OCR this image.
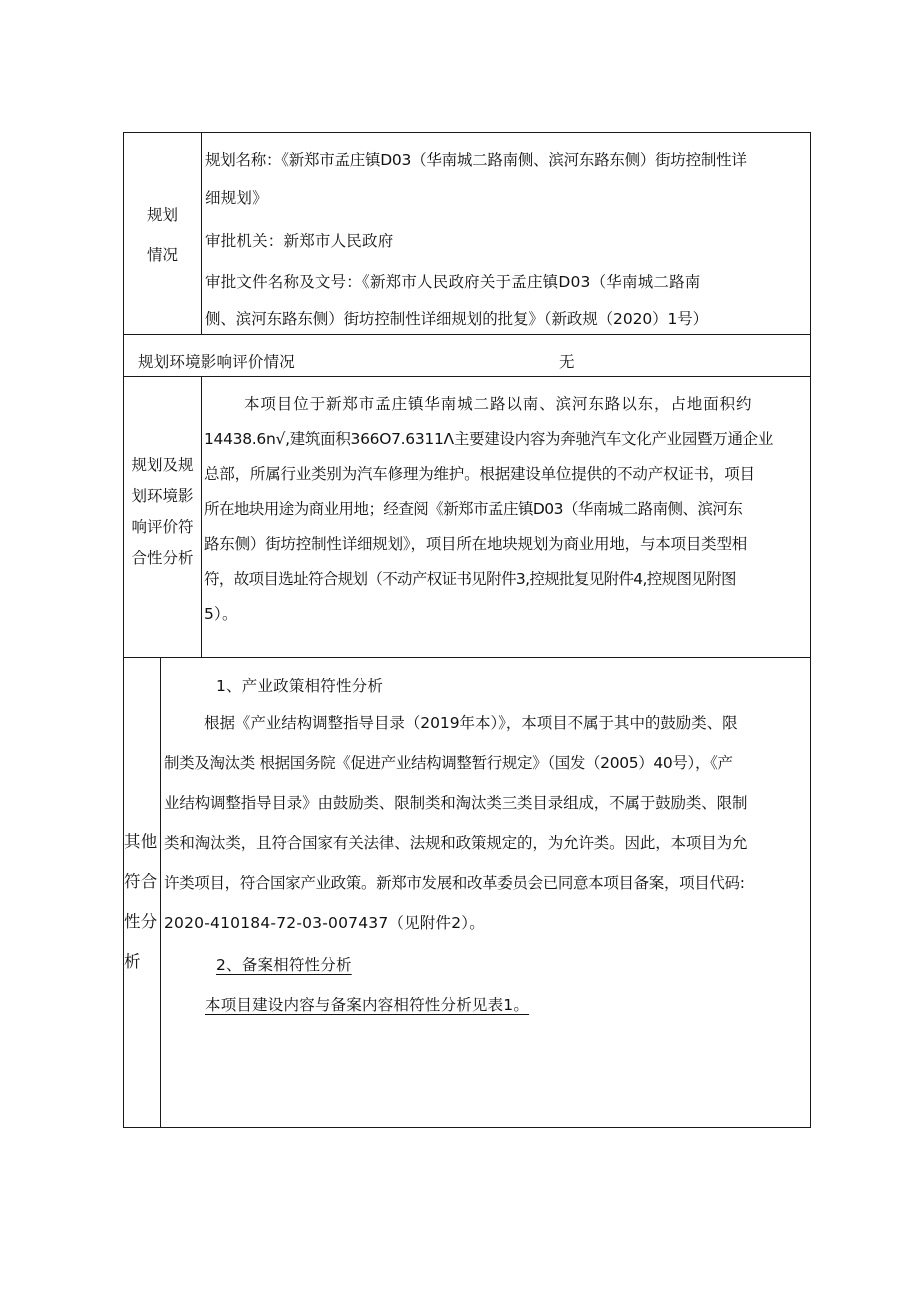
规划
情况
规划名称：《新郑市孟庄镇D03（华南城二路南侧、滨河东路东侧）街坊控制性详
细规划》
审批机关：新郑市人民政府
审批文件名称及文号：《新郑市人民政府关于孟庄镇D03（华南城二路南
侧、滨河东路东侧）街坊控制性详细规划的批复》（新政规（2020）1号）
规划环境影响评价情况	无
规划及规
划环境影
响评价符
合性分析
本项目位于新郑市孟庄镇华南城二路以南、滨河东路以东，占地面积约
14438.6n√,建筑面积366O7.6311Λ主要建设内容为奔驰汽车文化产业园暨万通企业
总部，所属行业类别为汽车修理为维护。根据建设单位提供的不动产权证书，项目
所在地块用途为商业用地；经查阅《新郑市孟庄镇D03（华南城二路南侧、滨河东
路东侧）街坊控制性详细规划》，项目所在地块规划为商业用地，与本项目类型相
符，故项目选址符合规划（不动产权证书见附件3,控规批复见附件4,控规图见附图
5）。
其他
符合
性分
析
1、产业政策相符性分析
根据《产业结构调整指导目录（2019年本）》，本项目不属于其中的鼓励类、限
制类及淘汰类 根据国务院《促进产业结构调整暂行规定》（国发（2005）40号），《产
业结构调整指导目录》由鼓励类、限制类和淘汰类三类目录组成，不属于鼓励类、限制
类和淘汰类，且符合国家有关法律、法规和政策规定的，为允许类。因此，本项目为允
许类项目，符合国家产业政策。新郑市发展和改革委员会已同意本项目备案，项目代码:
2020-410184-72-03-007437（见附件2）。
2、备案相符性分析
本项目建设内容与备案内容相符性分析见表1。
